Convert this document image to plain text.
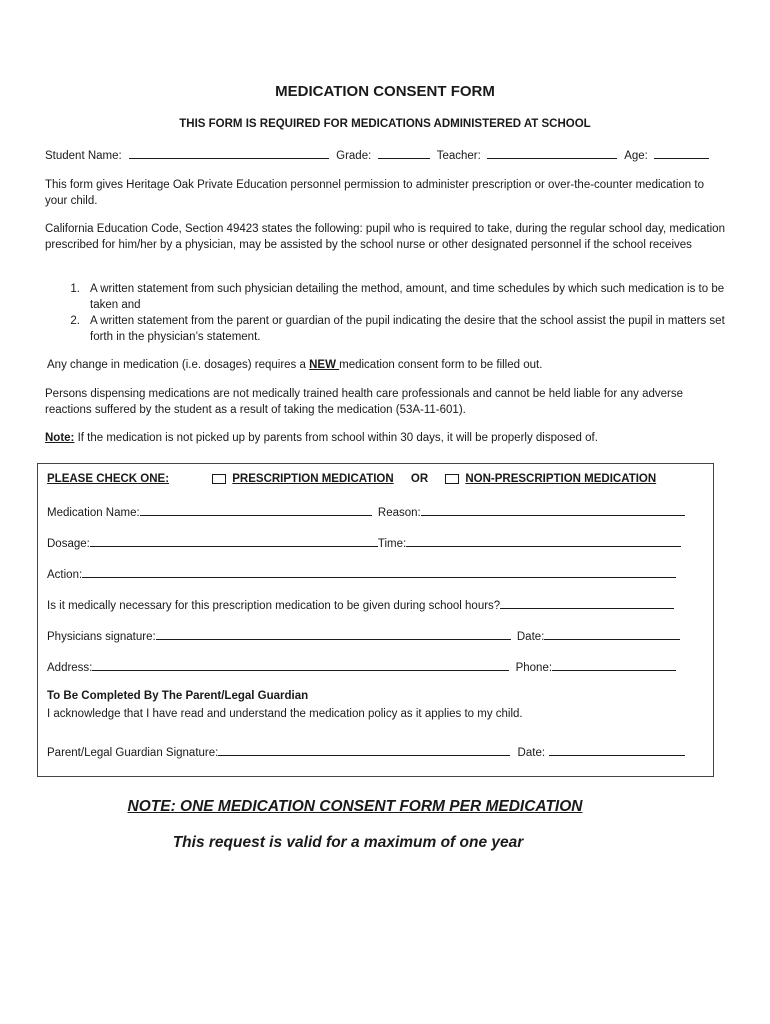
MEDICATION CONSENT FORM
THIS FORM IS REQUIRED FOR MEDICATIONS ADMINISTERED AT SCHOOL
Student Name:	Grade:	Teacher:	Age:
This form gives Heritage Oak Private Education personnel permission to administer prescription or over-the-counter medication to your child.
California Education Code, Section 49423 states the following: pupil who is required to take, during the regular school day, medication prescribed for him/her by a physician, may be assisted by the school nurse or other designated personnel if the school receives
1. A written statement from such physician detailing the method, amount, and time schedules by which such medication is to be taken and
2. A written statement from the parent or guardian of the pupil indicating the desire that the school assist the pupil in matters set forth in the physician’s statement.
Any change in medication (i.e. dosages) requires a NEW medication consent form to be filled out.
Persons dispensing medications are not medically trained health care professionals and cannot be held liable for any adverse reactions suffered by the student as a result of taking the medication (53A-11-601).
Note: If the medication is not picked up by parents from school within 30 days, it will be properly disposed of.
PLEASE CHECK ONE:	PRESCRIPTION MEDICATION OR	NON-PRESCRIPTION MEDICATION
Medication Name:	Reason:
Dosage:	Time:
Action:
Is it medically necessary for this prescription medication to be given during school hours?
Physicians signature:	Date:
Address:	Phone:
To Be Completed By The Parent/Legal Guardian
I acknowledge that I have read and understand the medication policy as it applies to my child.
Parent/Legal Guardian Signature:	Date:
NOTE: ONE MEDICATION CONSENT FORM PER MEDICATION
This request is valid for a maximum of one year
